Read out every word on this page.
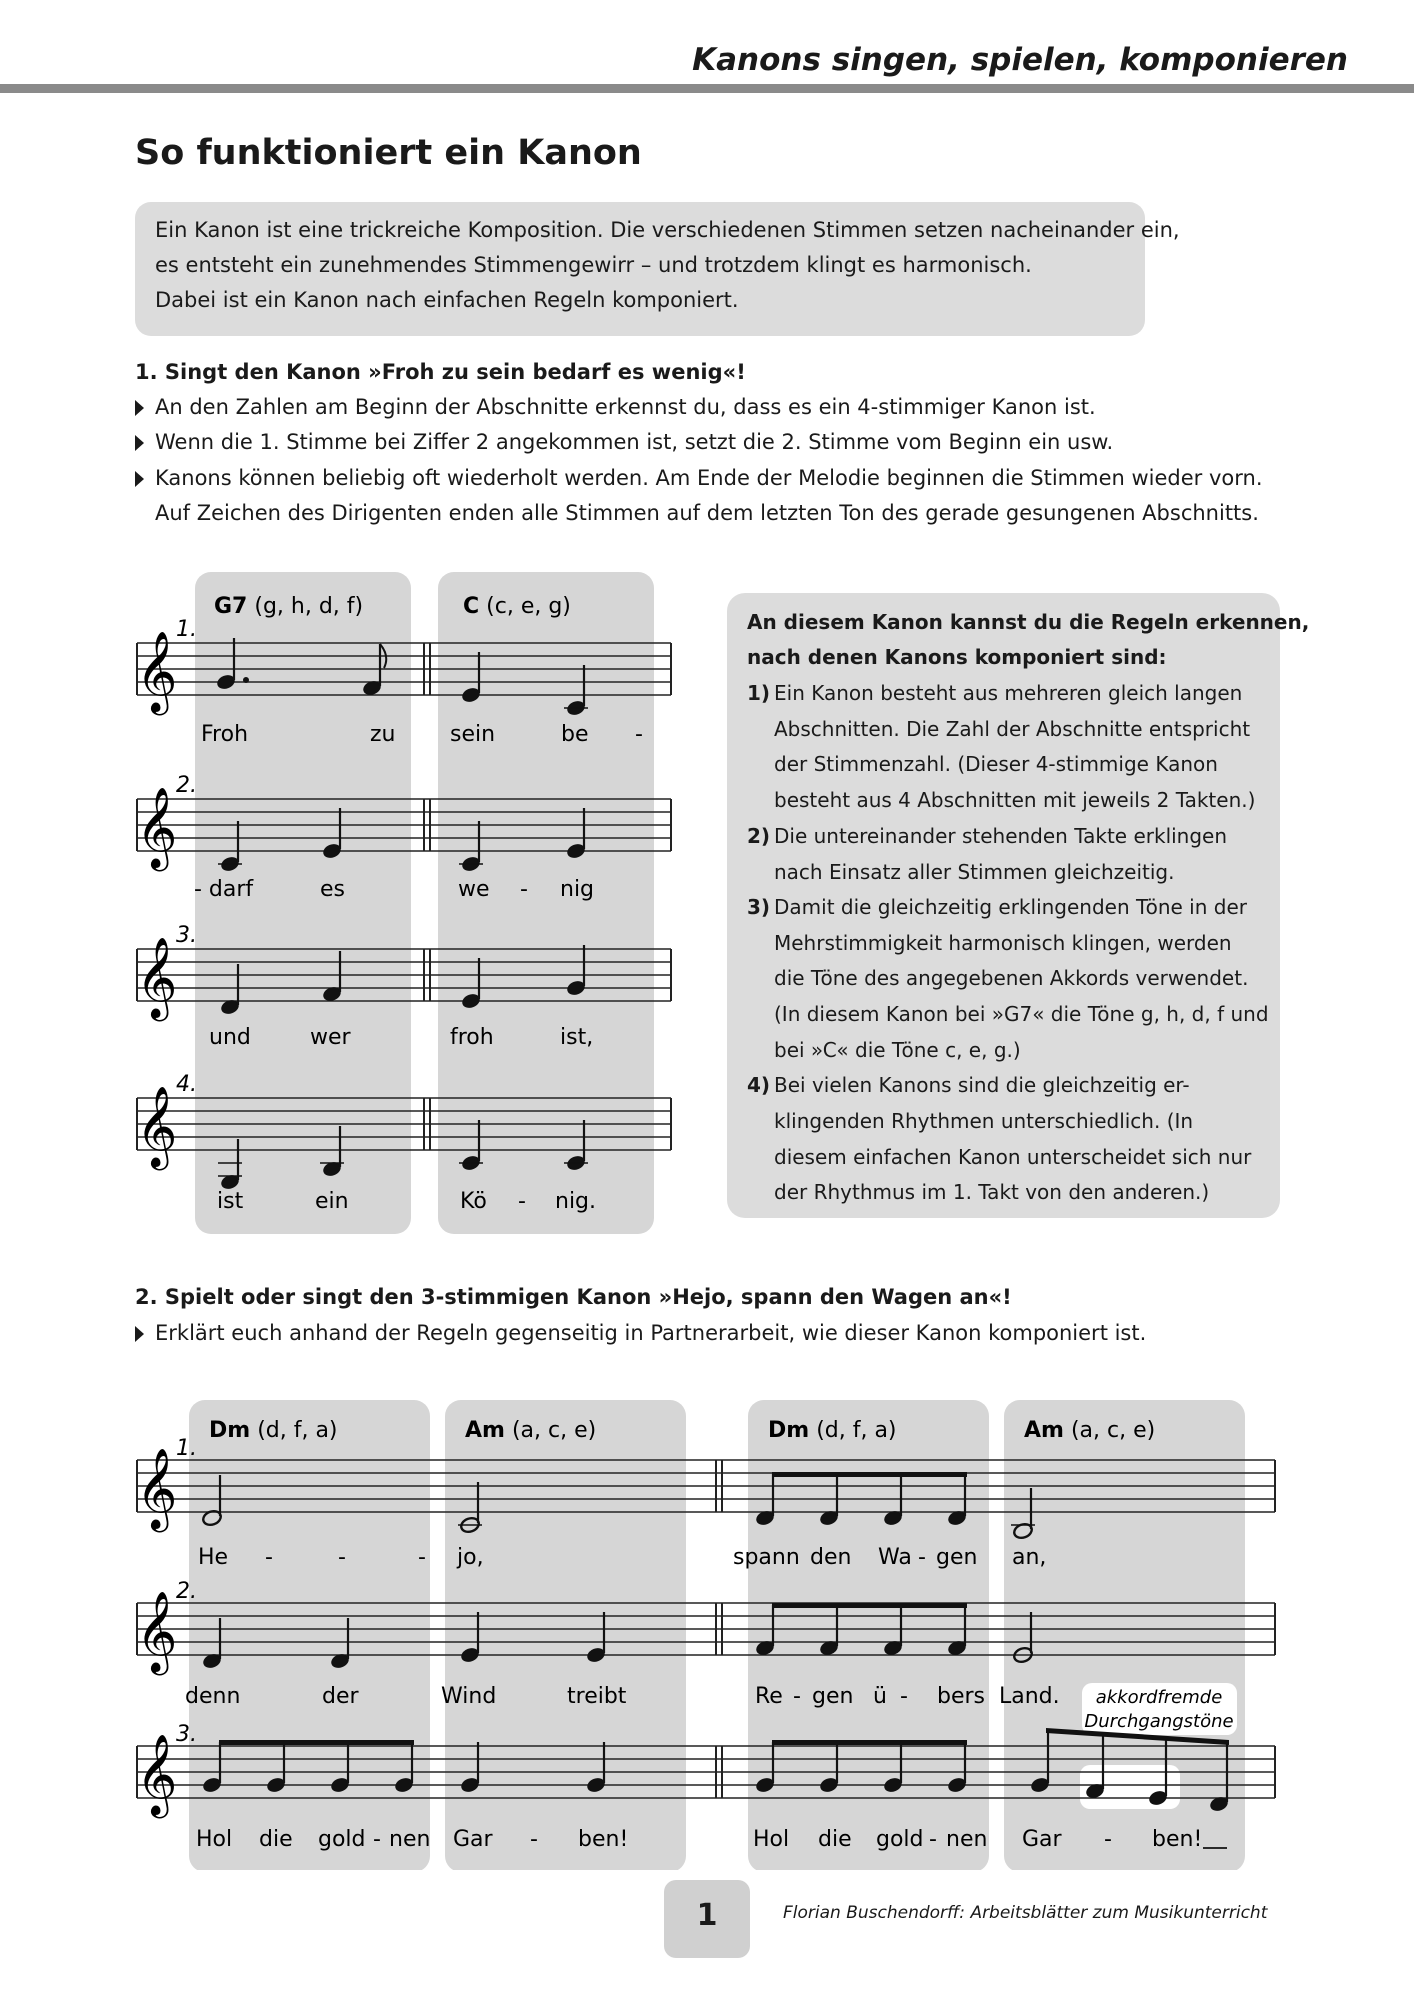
Kanons singen, spielen, komponieren
So funktioniert ein Kanon
Ein Kanon ist eine trickreiche Komposition. Die verschiedenen Stimmen setzen nacheinander ein,
es entsteht ein zunehmendes Stimmengewirr – und trotzdem klingt es harmonisch.
Dabei ist ein Kanon nach einfachen Regeln komponiert.
1. Singt den Kanon »Froh zu sein bedarf es wenig«!
An den Zahlen am Beginn der Abschnitte erkennst du, dass es ein 4-stimmiger Kanon ist.
Wenn die 1. Stimme bei Ziffer 2 angekommen ist, setzt die 2. Stimme vom Beginn ein usw.
Kanons können beliebig oft wiederholt werden. Am Ende der Melodie beginnen die Stimmen wieder vorn.
Auf Zeichen des Dirigenten enden alle Stimmen auf dem letzten Ton des gerade gesungenen Abschnitts.
G7 (g, h, d, f)	C (c, e, g)
𝄞
1.
Froh	zu sein	be -
𝄞
2.
- darf	es	we - nig
𝄞
3.
und	wer	froh	ist,
𝄞
4.
ist	ein	Kö - nig.
An diesem Kanon kannst du die Regeln erkennen,
nach denen Kanons komponiert sind:
1) Ein Kanon besteht aus mehreren gleich langen
Abschnitten. Die Zahl der Abschnitte entspricht
der Stimmenzahl. (Dieser 4-stimmige Kanon
besteht aus 4 Abschnitten mit jeweils 2 Takten.)
2) Die untereinander stehenden Takte erklingen
nach Einsatz aller Stimmen gleichzeitig.
3) Damit die gleichzeitig erklingenden Töne in der
Mehrstimmigkeit harmonisch klingen, werden
die Töne des angegebenen Akkords verwendet.
(In diesem Kanon bei »G7« die Töne g, h, d, f und
bei »C« die Töne c, e, g.)
4) Bei vielen Kanons sind die gleichzeitig er-
klingenden Rhythmen unterschiedlich. (In
diesem einfachen Kanon unterscheidet sich nur
der Rhythmus im 1. Takt von den anderen.)
2. Spielt oder singt den 3-stimmigen Kanon »Hejo, spann den Wagen an«!
Erklärt euch anhand der Regeln gegenseitig in Partnerarbeit, wie dieser Kanon komponiert ist.
Dm (d, f, a)	Am (a, c, e)	Dm (d, f, a)	Am (a, c, e)
𝄞
1.
He -	-	- jo,	spann den Wa - gen an,
𝄞
2.
denn	der	Wind	treibt	Re - gen ü - bers Land. akkordfremde
Durchgangstöne
𝄞
3.
Hol die gold - nen Gar - ben!	Hol die gold - nen Gar - ben!
1	Florian Buschendorff: Arbeitsblätter zum Musikunterricht
